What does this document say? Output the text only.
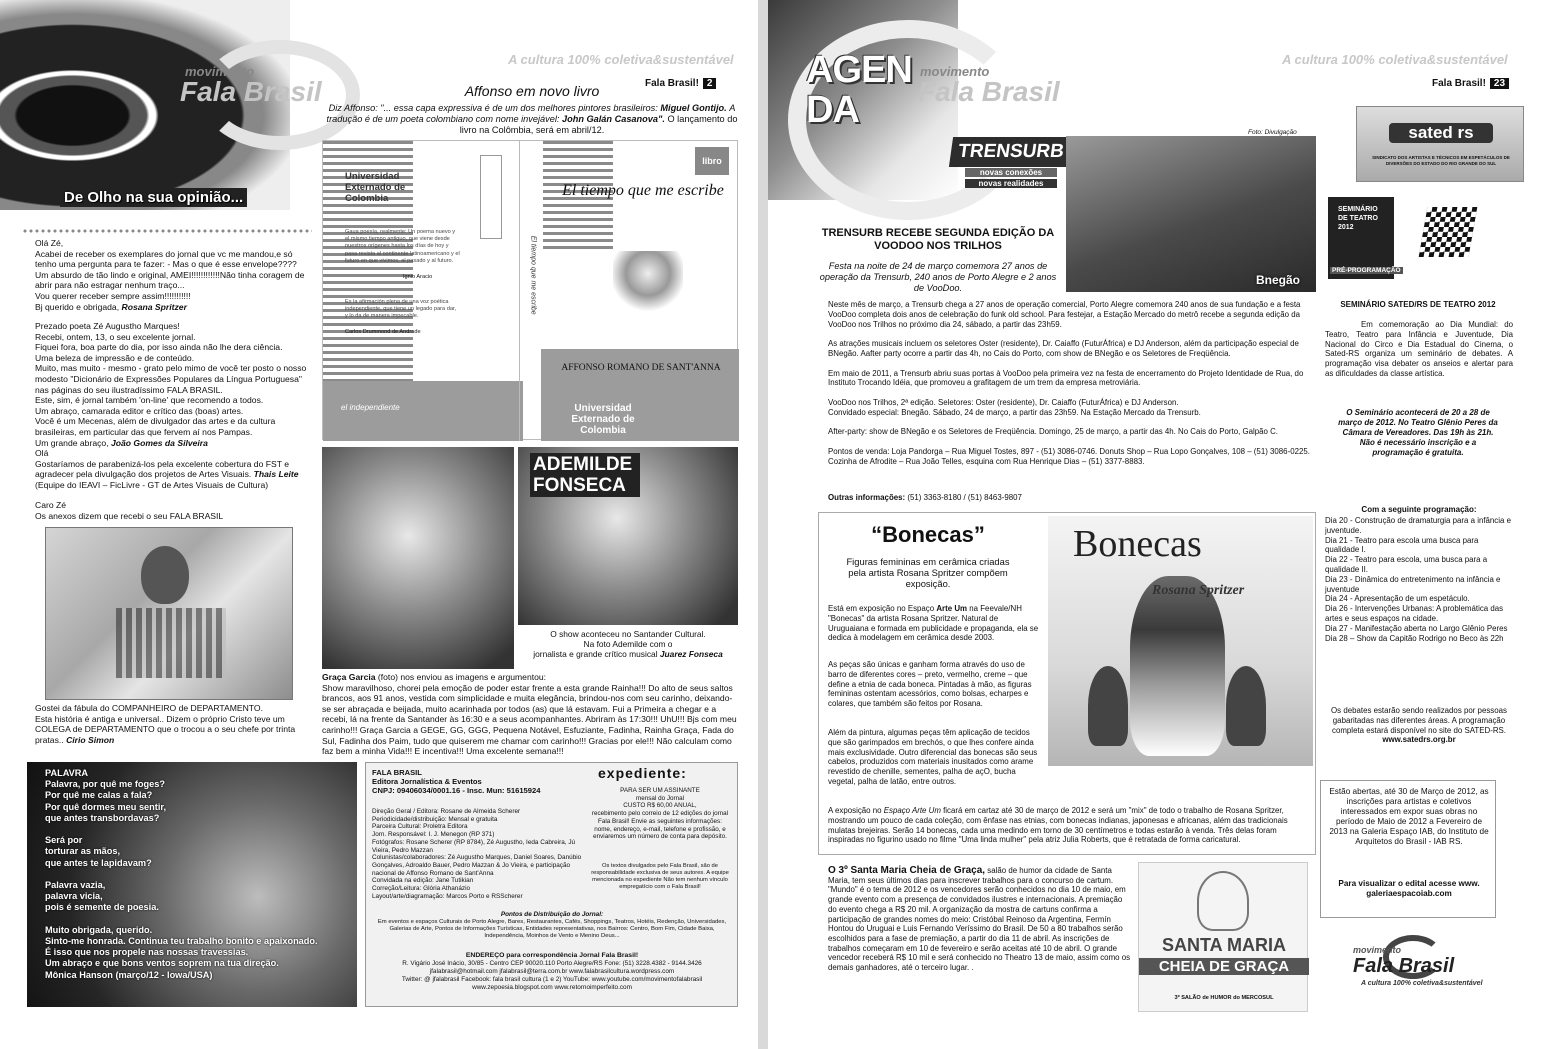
movimento
Fala Brasil
A cultura 100% coletiva&sustentável
Fala Brasil! 2
De Olho na sua opinião...
Olá Zé,
Acabei de receber os exemplares do jornal que vc me mandou,e só tenho uma pergunta para te fazer: - Mas o que é esse envelope????
Um absurdo de tão lindo e original, AMEI!!!!!!!!!!!!Não tinha coragem de abrir para não estragar nenhum traço...
Vou querer receber sempre assim!!!!!!!!!!!
Bj querido e obrigada, Rosana Spritzer
Prezado poeta Zé Augustho Marques!
Recebi, ontem, 13, o seu excelente jornal.
Fiquei fora, boa parte do dia, por isso ainda não lhe dera ciência.
Uma beleza de impressão e de conteúdo.
Muito, mas muito - mesmo - grato pelo mimo de você ter posto o nosso modesto "Dicionário de Expressões Populares da Língua Portuguesa" nas páginas do seu ilustradíssimo FALA BRASIL.
Este, sim, é jornal também 'on-line' que recomendo a todos.
Um abraço, camarada editor e crítico das (boas) artes.
Você é um Mecenas, além de divulgador das artes e da cultura brasileiras, em particular das que fervem aí nos Pampas.
Um grande abraço, João Gomes da Silveira
Olá
Gostaríamos de parabenizá-los pela excelente cobertura do FST e agradecer pela divulgação dos projetos de Artes Visuais. Thais Leite (Equipe do IEAVI – FicLivre - GT de Artes Visuais de Cultura)
Caro Zé
Os anexos dizem que recebi o seu FALA BRASIL
Gostei da fábula do COMPANHEIRO de DEPARTAMENTO.
Esta história é antiga e universal.. Dizem o próprio Cristo teve um COLEGA de DEPARTAMENTO que o trocou a o seu chefe por trinta pratas.. Cirio Simon
PALAVRA
Palavra, por quê me foges?
Por quê me calas a fala?
Por quê dormes meu sentir,
que antes transbordavas?

Será por
torturar as mãos,
que antes te lapidavam?

Palavra vazia,
palavra vicia,
pois é semente de poesia.

Muito obrigada, querido.
Sinto-me honrada. Continua teu trabalho bonito e apaixonado.
É isso que nos propele nas nossas travessias.
Um abraço e que bons ventos soprem na tua direção.
Mônica Hanson (março/12 - Iowa/USA)
Affonso em novo livro
Diz Affonso: "... essa capa expressiva é de um dos melhores pintores brasileiros: Miguel Gontijo. A tradução é de um poeta colombiano com nome invejável: John Galán Casanova". O lançamento do livro na Colômbia, será em abril/12.
Universidad Externado de Colombia
Gaua poesía, realmente: Un poema nuevo y el mismo tiempo antiguo, que viene desde nuestros orígenes hasta los días de hoy y pasa revista al continente latinoamericano y el futuro en que vivimos, al pasado y al futuro.
Ignio Aracio
Es la afirmación plena de una voz poética independiente, que tiene un legado para dar, y lo da de manera impecable.
Carlos Drummond de Andrade
el independiente
El tiempo que me escribe
libro
El tiempo que me escribe
AFFONSO ROMANO DE SANT'ANNA
Universidad Externado de Colombia
ADEMILDE FONSECA
O show aconteceu no Santander Cultural.
Na foto Ademilde com o
jornalista e grande crítico musical Juarez Fonseca
Graça Garcia (foto) nos enviou as imagens e argumentou:
Show maravilhoso, chorei pela emoção de poder estar frente a esta grande Rainha!!! Do alto de seus saltos brancos, aos 91 anos, vestida com simplicidade e muita elegância, brindou-nos com seu carinho, deixando-se ser abraçada e beijada, muito acarinhada por todos (as) que lá estavam. Fui a Primeira a chegar e a recebi, lá na frente da Santander às 16:30 e a seus acompanhantes. Abriram às 17:30!!! UhU!!! Bjs com meu carinho!!! Graça Garcia a GEGE, GG, GGG, Pequena Notável, Esfuziante, Fadinha, Rainha Graça, Fada do Sul, Fadinha dos Paim, tudo que quiserem me chamar com carinho!!! Gracias por ele!!! Não calculam como faz bem a minha Vida!!! E incentiva!!! Uma excelente semana!!!
FALA BRASIL
Editora Jornalística & Eventos
CNPJ: 09406034/0001.16 - Insc. Mun: 51615924
expediente:
Direção Geral / Editora: Rosane de Almeida Scherer
Periodicidade/distribuição: Mensal e gratuita
Parceira Cultural: Proletra Editora
Jorn. Responsável: I. J. Menegon (RP 371)
Fotógrafos: Rosane Scherer (RP 8784), Zé Augustho, Ieda Cabreira, Jú Vieira, Pedro Mazzan
Colunistas/colaboradores: Zé Augustho Marques, Daniel Soares, Danúbio Gonçalves, Adroaldo Bauer, Pedro Mazzan & Jo Vieira, e participação nacional de Affonso Romano de Sant'Anna
Convidada na edição: Jane Tutikian
Correção/Leitura: Glória Athanázio
Layout/arte/diagramação: Marcos Porto e RSScherer
PARA SER UM ASSINANTE
mensal do Jornal
CUSTO R$ 60,00 ANUAL,
recebimento pelo correio de 12 edições do jornal Fala Brasil! Envie as seguintes informações: nome, endereço, e-mail, telefone e profissão, e enviaremos um número de conta para depósito.
Os textos divulgados pelo Fala Brasil, são de responsabilidade exclusiva de seus autores. A equipe mencionada no expediente Não tem nenhum vínculo empregatício com o Fala Brasil!
Pontos de Distribuição do Jornal:
Em eventos e espaços Culturais de Porto Alegre, Bares, Restaurantes, Cafés, Shoppings, Teatros, Hotéis, Redenção, Universidades, Galerias de Arte, Pontos de Informações Turísticas, Entidades representativas, nos Bairros: Centro, Bom Fim, Cidade Baixa, Independência, Moinhos de Vento e Menino Deus...
ENDEREÇO para correspondência Jornal Fala Brasil!
R. Vigário José Inácio, 30/85 - Centro CEP 90020.110 Porto Alegre/RS Fone: (51) 3228.4382 - 9144.3426
jfalabrasil@hotmail.com jfalabrasil@terra.com.br www.falabrasilcultura.wordpress.com
Twitter: @ jfalabrasil Facebook: fala brasil cultura (1 e 2) YouTube: www.youtube.com/movimentofalabrasil
www.zepoesia.blogspot.com www.retornoimperfeito.com
AGENDA
movimento
Fala Brasil
A cultura 100% coletiva&sustentável
Fala Brasil! 23
TRENSURB
novas conexões
novas realidades
Foto: Divulgação
Bnegão
TRENSURB RECEBE SEGUNDA EDIÇÃO DA VOODOO NOS TRILHOS
Festa na noite de 24 de março comemora 27 anos de operação da Trensurb, 240 anos de Porto Alegre e 2 anos de VooDoo.
Neste mês de março, a Trensurb chega a 27 anos de operação comercial, Porto Alegre comemora 240 anos de sua fundação e a festa VooDoo completa dois anos de celebração do funk old school. Para festejar, a Estação Mercado do metrô recebe a segunda edição da VooDoo nos Trilhos no próximo dia 24, sábado, a partir das 23h59.

As atrações musicais incluem os seletores Oster (residente), Dr. Caiaffo (FuturÁfrica) e DJ Anderson, além da participação especial de BNegão. Aafter party ocorre a partir das 4h, no Cais do Porto, com show de BNegão e os Seletores de Freqüência.

Em maio de 2011, a Trensurb abriu suas portas à VooDoo pela primeira vez na festa de encerramento do Projeto Identidade de Rua, do Instituto Trocando Idéia, que promoveu a grafitagem de um trem da empresa metroviária.

VooDoo nos Trilhos, 2ª edição. Seletores: Oster (residente), Dr. Caiaffo (FuturÁfrica) e DJ Anderson.
Convidado especial: Bnegão. Sábado, 24 de março, a partir das 23h59. Na Estação Mercado da Trensurb.

After-party: show de BNegão e os Seletores de Freqüência. Domingo, 25 de março, a partir das 4h. No Cais do Porto, Galpão C.

Pontos de venda: Loja Pandorga – Rua Miguel Tostes, 897 - (51) 3086-0746. Donuts Shop – Rua Lopo Gonçalves, 108 – (51) 3086-0225. Cozinha de Afrodite – Rua João Telles, esquina com Rua Henrique Dias – (51) 3377-8883.
Outras informações: (51) 3363-8180 / (51) 8463-9807
“Bonecas”
Figuras femininas em cerâmica criadas pela artista Rosana Spritzer compõem exposição.
Bonecas
Rosana Spritzer
Está em exposição no Espaço Arte Um na Feevale/NH "Bonecas" da artista Rosana Spritzer. Natural de Uruguaiana e formada em publicidade e propaganda, ela se dedica à modelagem em cerâmica desde 2003.
As peças são únicas e ganham forma através do uso de barro de diferentes cores – preto, vermelho, creme – que define a etnia de cada boneca. Pintadas à mão, as figuras femininas ostentam acessórios, como bolsas, echarpes e colares, que também são feitos por Rosana.
Além da pintura, algumas peças têm aplicação de tecidos que são garimpados em brechós, o que lhes confere ainda mais exclusividade. Outro diferencial das bonecas são seus cabelos, produzidos com materiais inusitados como arame revestido de chenille, sementes, palha de açO, bucha vegetal, palha de latão, entre outros.
A exposição no Espaço Arte Um ficará em cartaz até 30 de março de 2012 e será um "mix" de todo o trabalho de Rosana Spritzer, mostrando um pouco de cada coleção, com ênfase nas etnias, com bonecas indianas, japonesas e africanas, além das tradicionais mulatas brejeiras. Serão 14 bonecas, cada uma medindo em torno de 30 centímetros e todas estarão à venda. Três delas foram inspiradas no figurino usado no filme "Uma linda mulher" pela atriz Julia Roberts, que é retratada de forma caricatural.
O 3º Santa Maria Cheia de Graça, salão de humor da cidade de Santa Maria, tem seus últimos dias para inscrever trabalhos para o concurso de cartum. "Mundo" é o tema de 2012 e os vencedores serão conhecidos no dia 10 de maio, em grande evento com a presença de convidados ilustres e internacionais. A premiação do evento chega a R$ 20 mil. A organização da mostra de cartuns confirma a participação de grandes nomes do meio: Cristóbal Reinoso da Argentina, Fermín Hontou do Uruguai e Luis Fernando Veríssimo do Brasil. De 50 a 80 trabalhos serão escolhidos para a fase de premiação, a partir do dia 11 de abril. As inscrições de trabalhos começaram em 10 de fevereiro e serão aceitas até 10 de abril. O grande vencedor receberá R$ 10 mil e será conhecido no Theatro 13 de maio, assim como os demais ganhadores, até o terceiro lugar. .
SANTA MARIA
CHEIA DE GRAÇA
3º SALÃO de HUMOR do MERCOSUL
sated rs
SINDICATO DOS ARTISTAS E TÉCNICOS EM ESPETÁCULOS DE DIVERSÕES DO ESTADO DO RIO GRANDE DO SUL
SEMINÁRIO DE TEATRO 2012
PRÉ-PROGRAMAÇÃO
SEMINÁRIO SATED/RS DE TEATRO 2012
Em comemoração ao Dia Mundial: do Teatro, Teatro para Infância e Juventude, Dia Nacional do Circo e Dia Estadual do Cinema, o Sated-RS organiza um seminário de debates. A programação visa debater os anseios e alertar para as dificuldades da classe artística.
O Seminário acontecerá de 20 a 28 de março de 2012. No Teatro Glênio Peres da Câmara de Vereadores. Das 19h às 21h. Não é necessário inscrição e a programação é gratuita.
Com a seguinte programação:
Dia 20 - Construção de dramaturgia para a infância e juventude.
Dia 21 - Teatro para escola uma busca para qualidade I.
Dia 22 - Teatro para escola, uma busca para a qualidade II.
Dia 23 - Dinâmica do entretenimento na infância e juventude
Dia 24 - Apresentação de um espetáculo.
Dia 26 - Intervenções Urbanas: A problemática das artes e seus espaços na cidade.
Dia 27 - Manifestação aberta no Largo Glênio Peres
Dia 28 – Show da Capitão Rodrigo no Beco às 22h
Os debates estarão sendo realizados por pessoas gabaritadas nas diferentes áreas. A programação completa estará disponível no site do SATED-RS. www.satedrs.org.br
Estão abertas, até 30 de Março de 2012, as inscrições para artistas e coletivos interessados em expor suas obras no período de Maio de 2012 a Fevereiro de 2013 na Galeria Espaço IAB, do Instituto de Arquitetos do Brasil - IAB RS.
Para visualizar o edital acesse www. galeriaespacoiab.com
movimento
Fala Brasil
A cultura 100% coletiva&sustentável
